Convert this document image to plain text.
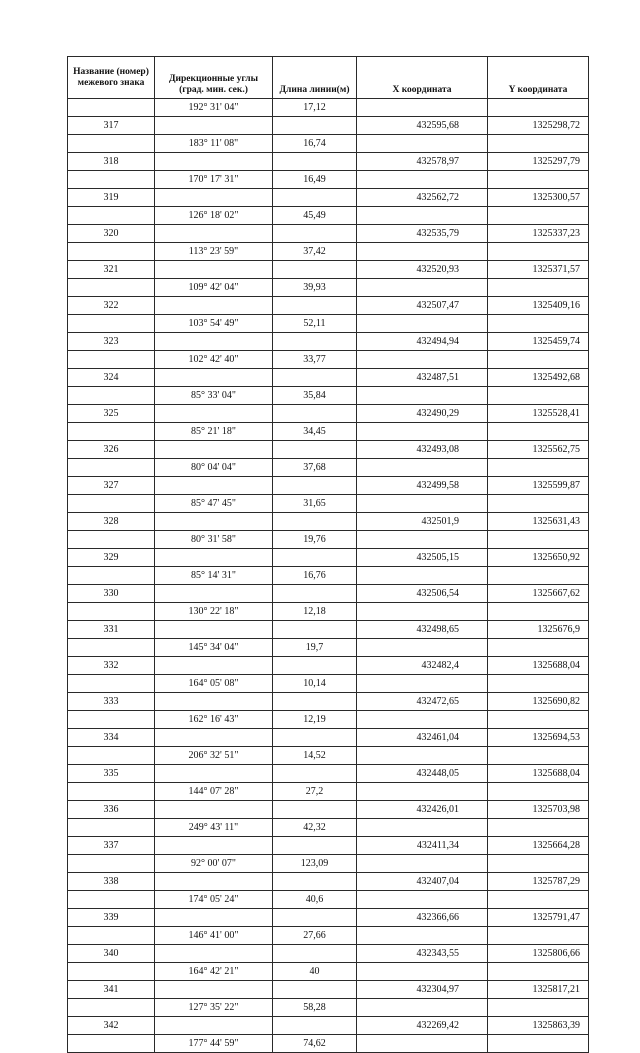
Название (номер) межевого знака	Дирекционные углы (град. мин. сек.)	Длина линии(м)	X координата	Y координата
	192° 31' 04"	17,12		
317			432595,68	1325298,72
	183° 11' 08"	16,74		
318			432578,97	1325297,79
	170° 17' 31"	16,49		
319			432562,72	1325300,57
	126° 18' 02"	45,49		
320			432535,79	1325337,23
	113° 23' 59"	37,42		
321			432520,93	1325371,57
	109° 42' 04"	39,93		
322			432507,47	1325409,16
	103° 54' 49"	52,11		
323			432494,94	1325459,74
	102° 42' 40"	33,77		
324			432487,51	1325492,68
	85° 33' 04"	35,84		
325			432490,29	1325528,41
	85° 21' 18"	34,45		
326			432493,08	1325562,75
	80° 04' 04"	37,68		
327			432499,58	1325599,87
	85° 47' 45"	31,65		
328			432501,9	1325631,43
	80° 31' 58"	19,76		
329			432505,15	1325650,92
	85° 14' 31"	16,76		
330			432506,54	1325667,62
	130° 22' 18"	12,18		
331			432498,65	1325676,9
	145° 34' 04"	19,7		
332			432482,4	1325688,04
	164° 05' 08"	10,14		
333			432472,65	1325690,82
	162° 16' 43"	12,19		
334			432461,04	1325694,53
	206° 32' 51"	14,52		
335			432448,05	1325688,04
	144° 07' 28"	27,2		
336			432426,01	1325703,98
	249° 43' 11"	42,32		
337			432411,34	1325664,28
	92° 00' 07"	123,09		
338			432407,04	1325787,29
	174° 05' 24"	40,6		
339			432366,66	1325791,47
	146° 41' 00"	27,66		
340			432343,55	1325806,66
	164° 42' 21"	40		
341			432304,97	1325817,21
	127° 35' 22"	58,28		
342			432269,42	1325863,39
	177° 44' 59"	74,62		
